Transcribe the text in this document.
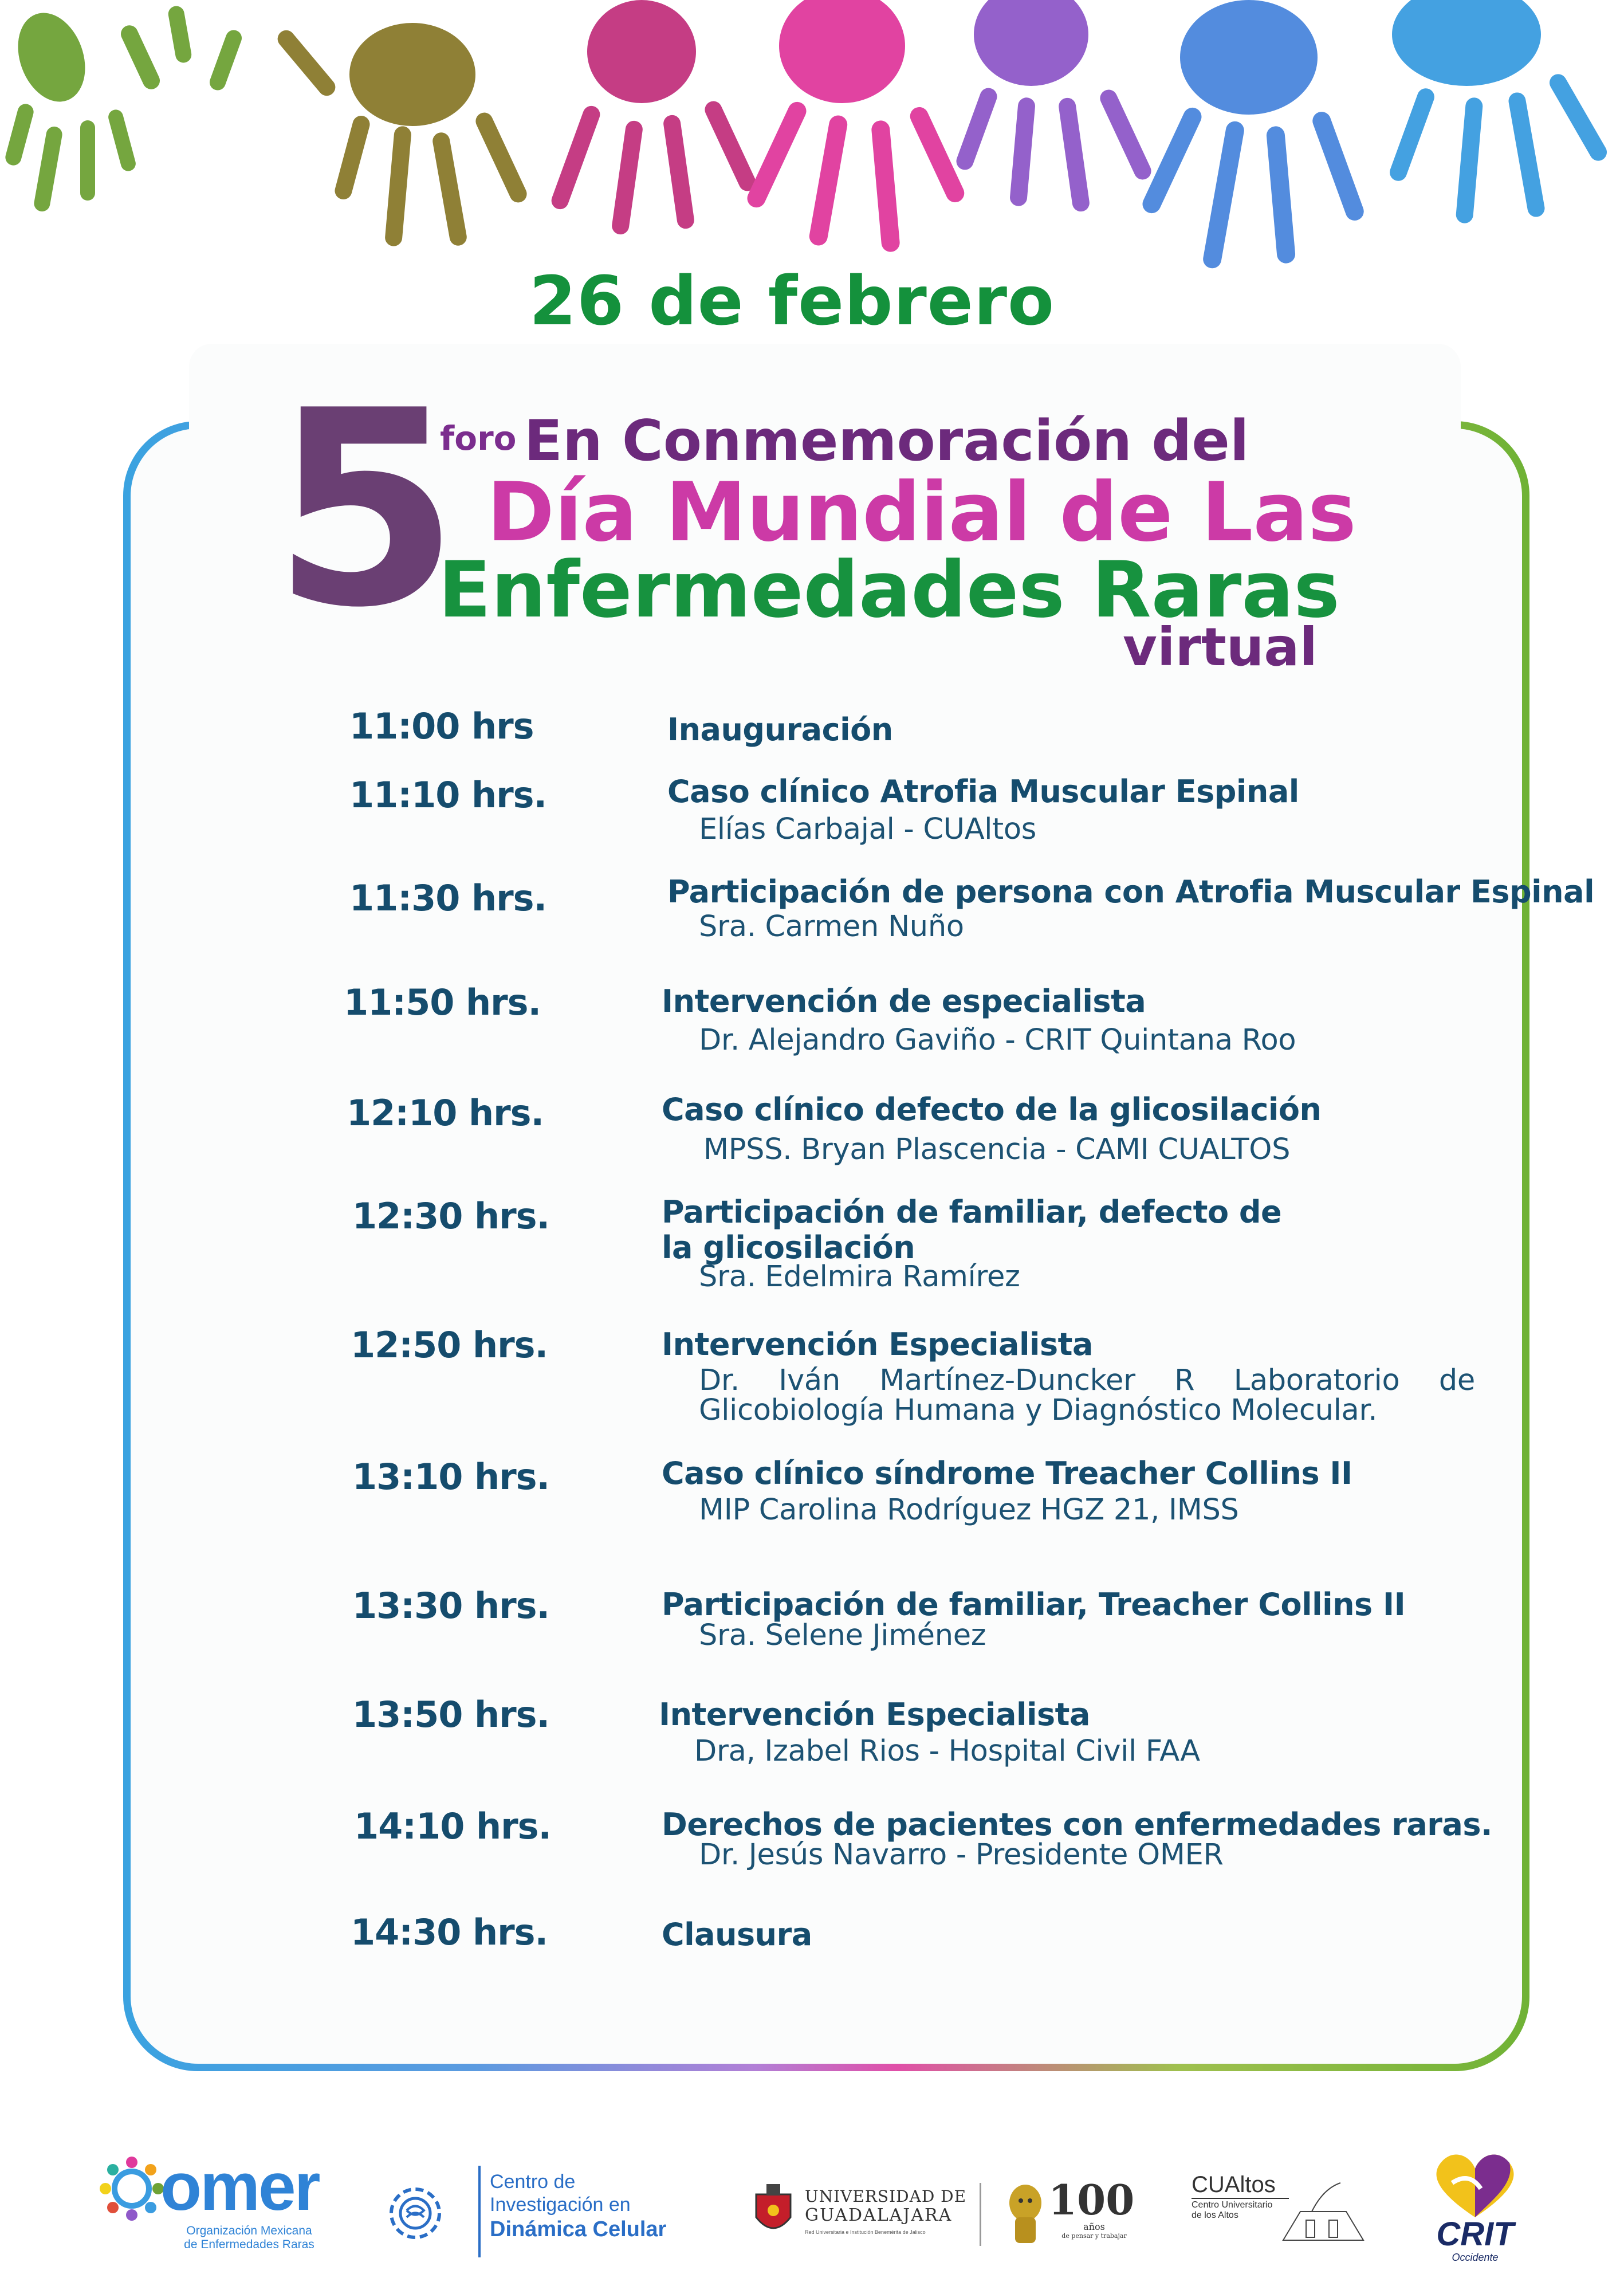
26 de febrero
5
foro En Conmemoración del
Día Mundial de Las
Enfermedades Raras
virtual
11:00 hrs	Inauguración
11:10 hrs.	Caso clínico Atrofia Muscular Espinal
Elías Carbajal - CUAltos
11:30 hrs.	Participación de persona con Atrofia Muscular Espinal
Sra. Carmen Nuño
11:50 hrs.	Intervención de especialista
Dr. Alejandro Gaviño - CRIT Quintana Roo
12:10 hrs.	Caso clínico defecto de la glicosilación
MPSS. Bryan Plascencia - CAMI CUALTOS
12:30 hrs.	Participación de familiar, defecto de la glicosilación
Sra. Edelmira Ramírez
12:50 hrs.	Intervención Especialista
Dr. Iván Martínez-Duncker R Laboratorio de Glicobiología Humana y Diagnóstico Molecular.
13:10 hrs.	Caso clínico síndrome Treacher Collins II
MIP Carolina Rodríguez HGZ 21, IMSS
13:30 hrs.	Participación de familiar, Treacher Collins II
Sra. Selene Jiménez
13:50 hrs.	Intervención Especialista
Dra, Izabel Rios - Hospital Civil FAA
14:10 hrs.	Derechos de pacientes con enfermedades raras.
Dr. Jesús Navarro - Presidente OMER
14:30 hrs.	Clausura
omer
Organización Mexicana
de Enfermedades Raras
Centro de
Investigación en
Dinámica Celular
UNIVERSIDAD DE
GUADALAJARA
Red Universitaria e Institución Benemérita de Jalisco
100
años
de pensar y trabajar
CUAltos
Centro Universitario
de los Altos
CRIT
Occidente
